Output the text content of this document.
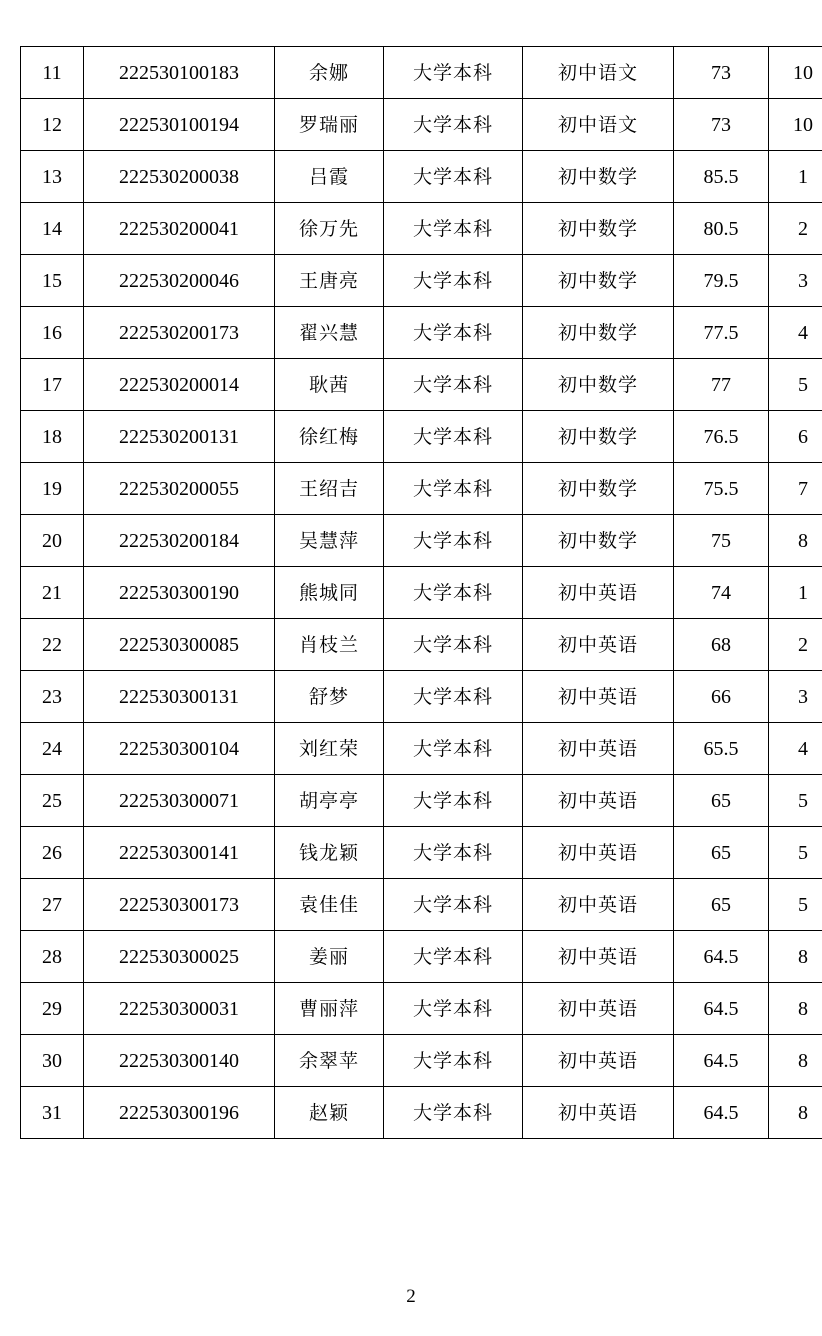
11	222530100183	余娜	大学本科	初中语文	73	10
12	222530100194	罗瑞丽	大学本科	初中语文	73	10
13	222530200038	吕霞	大学本科	初中数学	85.5	1
14	222530200041	徐万先	大学本科	初中数学	80.5	2
15	222530200046	王唐亮	大学本科	初中数学	79.5	3
16	222530200173	翟兴慧	大学本科	初中数学	77.5	4
17	222530200014	耿茜	大学本科	初中数学	77	5
18	222530200131	徐红梅	大学本科	初中数学	76.5	6
19	222530200055	王绍吉	大学本科	初中数学	75.5	7
20	222530200184	吴慧萍	大学本科	初中数学	75	8
21	222530300190	熊城同	大学本科	初中英语	74	1
22	222530300085	肖枝兰	大学本科	初中英语	68	2
23	222530300131	舒梦	大学本科	初中英语	66	3
24	222530300104	刘红荣	大学本科	初中英语	65.5	4
25	222530300071	胡亭亭	大学本科	初中英语	65	5
26	222530300141	钱龙颖	大学本科	初中英语	65	5
27	222530300173	袁佳佳	大学本科	初中英语	65	5
28	222530300025	姜丽	大学本科	初中英语	64.5	8
29	222530300031	曹丽萍	大学本科	初中英语	64.5	8
30	222530300140	余翠苹	大学本科	初中英语	64.5	8
31	222530300196	赵颖	大学本科	初中英语	64.5	8
2
